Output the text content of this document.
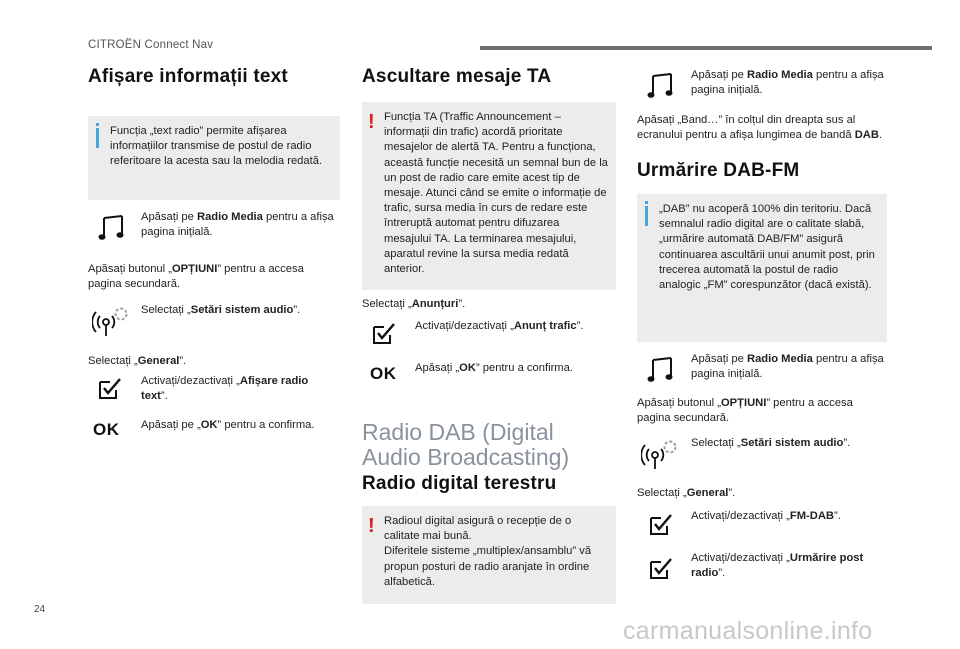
CITROËN Connect Nav
Afișare informații text
Funcția „text radio” permite afișarea informațiilor transmise de postul de radio referitoare la acesta sau la melodia redată.
Apăsați pe Radio Media pentru a afișa pagina inițială.
Apăsați butonul „OPȚIUNI” pentru a accesa pagina secundară.
Selectați „Setări sistem audio”.
Selectați „General”.
Activați/dezactivați „Afișare radio text”.
OK Apăsați pe „OK” pentru a confirma.
Ascultare mesaje TA
! Funcția TA (Traffic Announcement – informații din trafic) acordă prioritate mesajelor de alertă TA. Pentru a funcționa, această funcție necesită un semnal bun de la un post de radio care emite acest tip de mesaje. Atunci când se emite o informație de trafic, sursa media în curs de redare este întreruptă automat pentru difuzarea mesajului TA. La terminarea mesajului, aparatul revine la sursa media redată anterior.
Selectați „Anunțuri”.
Activați/dezactivați „Anunț trafic”.
OK Apăsați „OK” pentru a confirma.
Radio DAB (Digital Audio Broadcasting)
Radio digital terestru
! Radioul digital asigură o recepție de o calitate mai bună.
Diferitele sisteme „multiplex/ansamblu” vă propun posturi de radio aranjate în ordine alfabetică.
Apăsați pe Radio Media pentru a afișa pagina inițială.
Apăsați „Band…” în colțul din dreapta sus al ecranului pentru a afișa lungimea de bandă DAB.
Urmărire DAB-FM
„DAB” nu acoperă 100% din teritoriu. Dacă semnalul radio digital are o calitate slabă, „urmărire automată DAB/FM” asigură continuarea ascultării unui anumit post, prin trecerea automată la postul de radio analogic „FM” corespunzător (dacă există).
Apăsați pe Radio Media pentru a afișa pagina inițială.
Apăsați butonul „OPȚIUNI” pentru a accesa pagina secundară.
Selectați „Setări sistem audio”.
Selectați „General”.
Activați/dezactivați „FM-DAB”.
Activați/dezactivați „Urmărire post radio”.
24
carmanualsonline.info
